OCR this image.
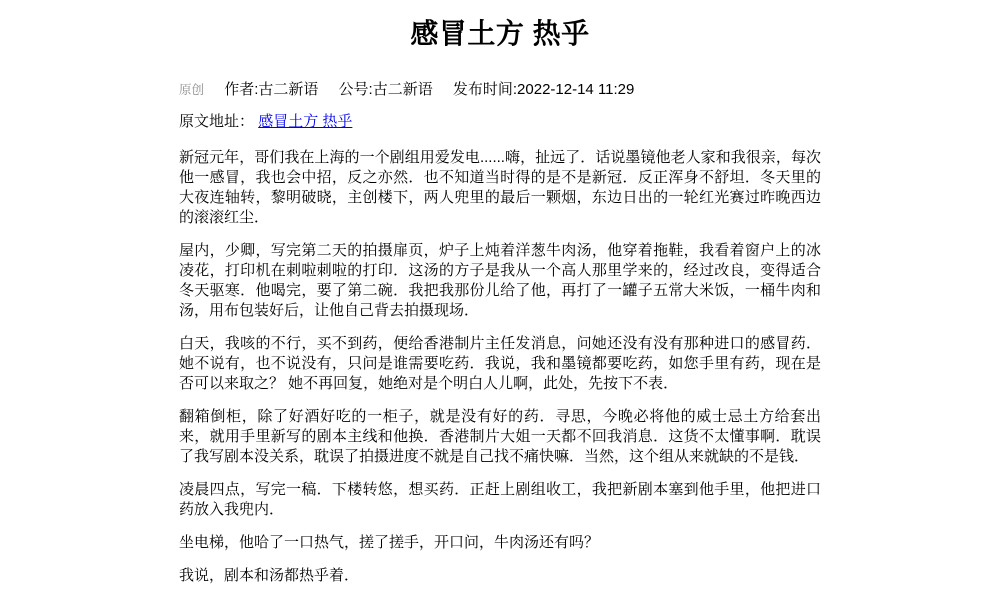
感冒土方 热乎
原创 作者:古二新语 公号:古二新语 发布时间:2022-12-14 11:29
原文地址： 感冒土方 热乎

新冠元年，哥们我在上海的一个剧组用爱发电......嗨，扯远了．话说墨镜他老人家和我很亲，每次他一感冒，我也会中招，反之亦然．也不知道当时得的是不是新冠．反正浑身不舒坦．冬天里的大夜连轴转，黎明破晓，主创楼下，两人兜里的最后一颗烟，东边日出的一轮红光赛过昨晚西边的滚滚红尘．

屋内，少卿，写完第二天的拍摄扉页，炉子上炖着洋葱牛肉汤，他穿着拖鞋，我看着窗户上的冰凌花，打印机在刺啦刺啦的打印．这汤的方子是我从一个高人那里学来的，经过改良，变得适合冬天驱寒．他喝完，要了第二碗．我把我那份儿给了他，再打了一罐子五常大米饭，一桶牛肉和汤，用布包装好后，让他自己背去拍摄现场．

白天，我咳的不行，买不到药，便给香港制片主任发消息，问她还没有没有那种进口的感冒药．她不说有，也不说没有，只问是谁需要吃药．我说，我和墨镜都要吃药，如您手里有药，现在是否可以来取之？ 她不再回复，她绝对是个明白人儿啊，此处，先按下不表．

翻箱倒柜，除了好酒好吃的一柜子，就是没有好的药．寻思，今晚必将他的威士忌土方给套出来，就用手里新写的剧本主线和他换．香港制片大姐一天都不回我消息．这货不太懂事啊．耽误了我写剧本没关系，耽误了拍摄进度不就是自己找不痛快嘛．当然，这个组从来就缺的不是钱．

凌晨四点，写完一稿．下楼转悠，想买药．正赶上剧组收工，我把新剧本塞到他手里，他把进口药放入我兜内．

坐电梯，他哈了一口热气，搓了搓手，开口问，牛肉汤还有吗？

我说，剧本和汤都热乎着．
